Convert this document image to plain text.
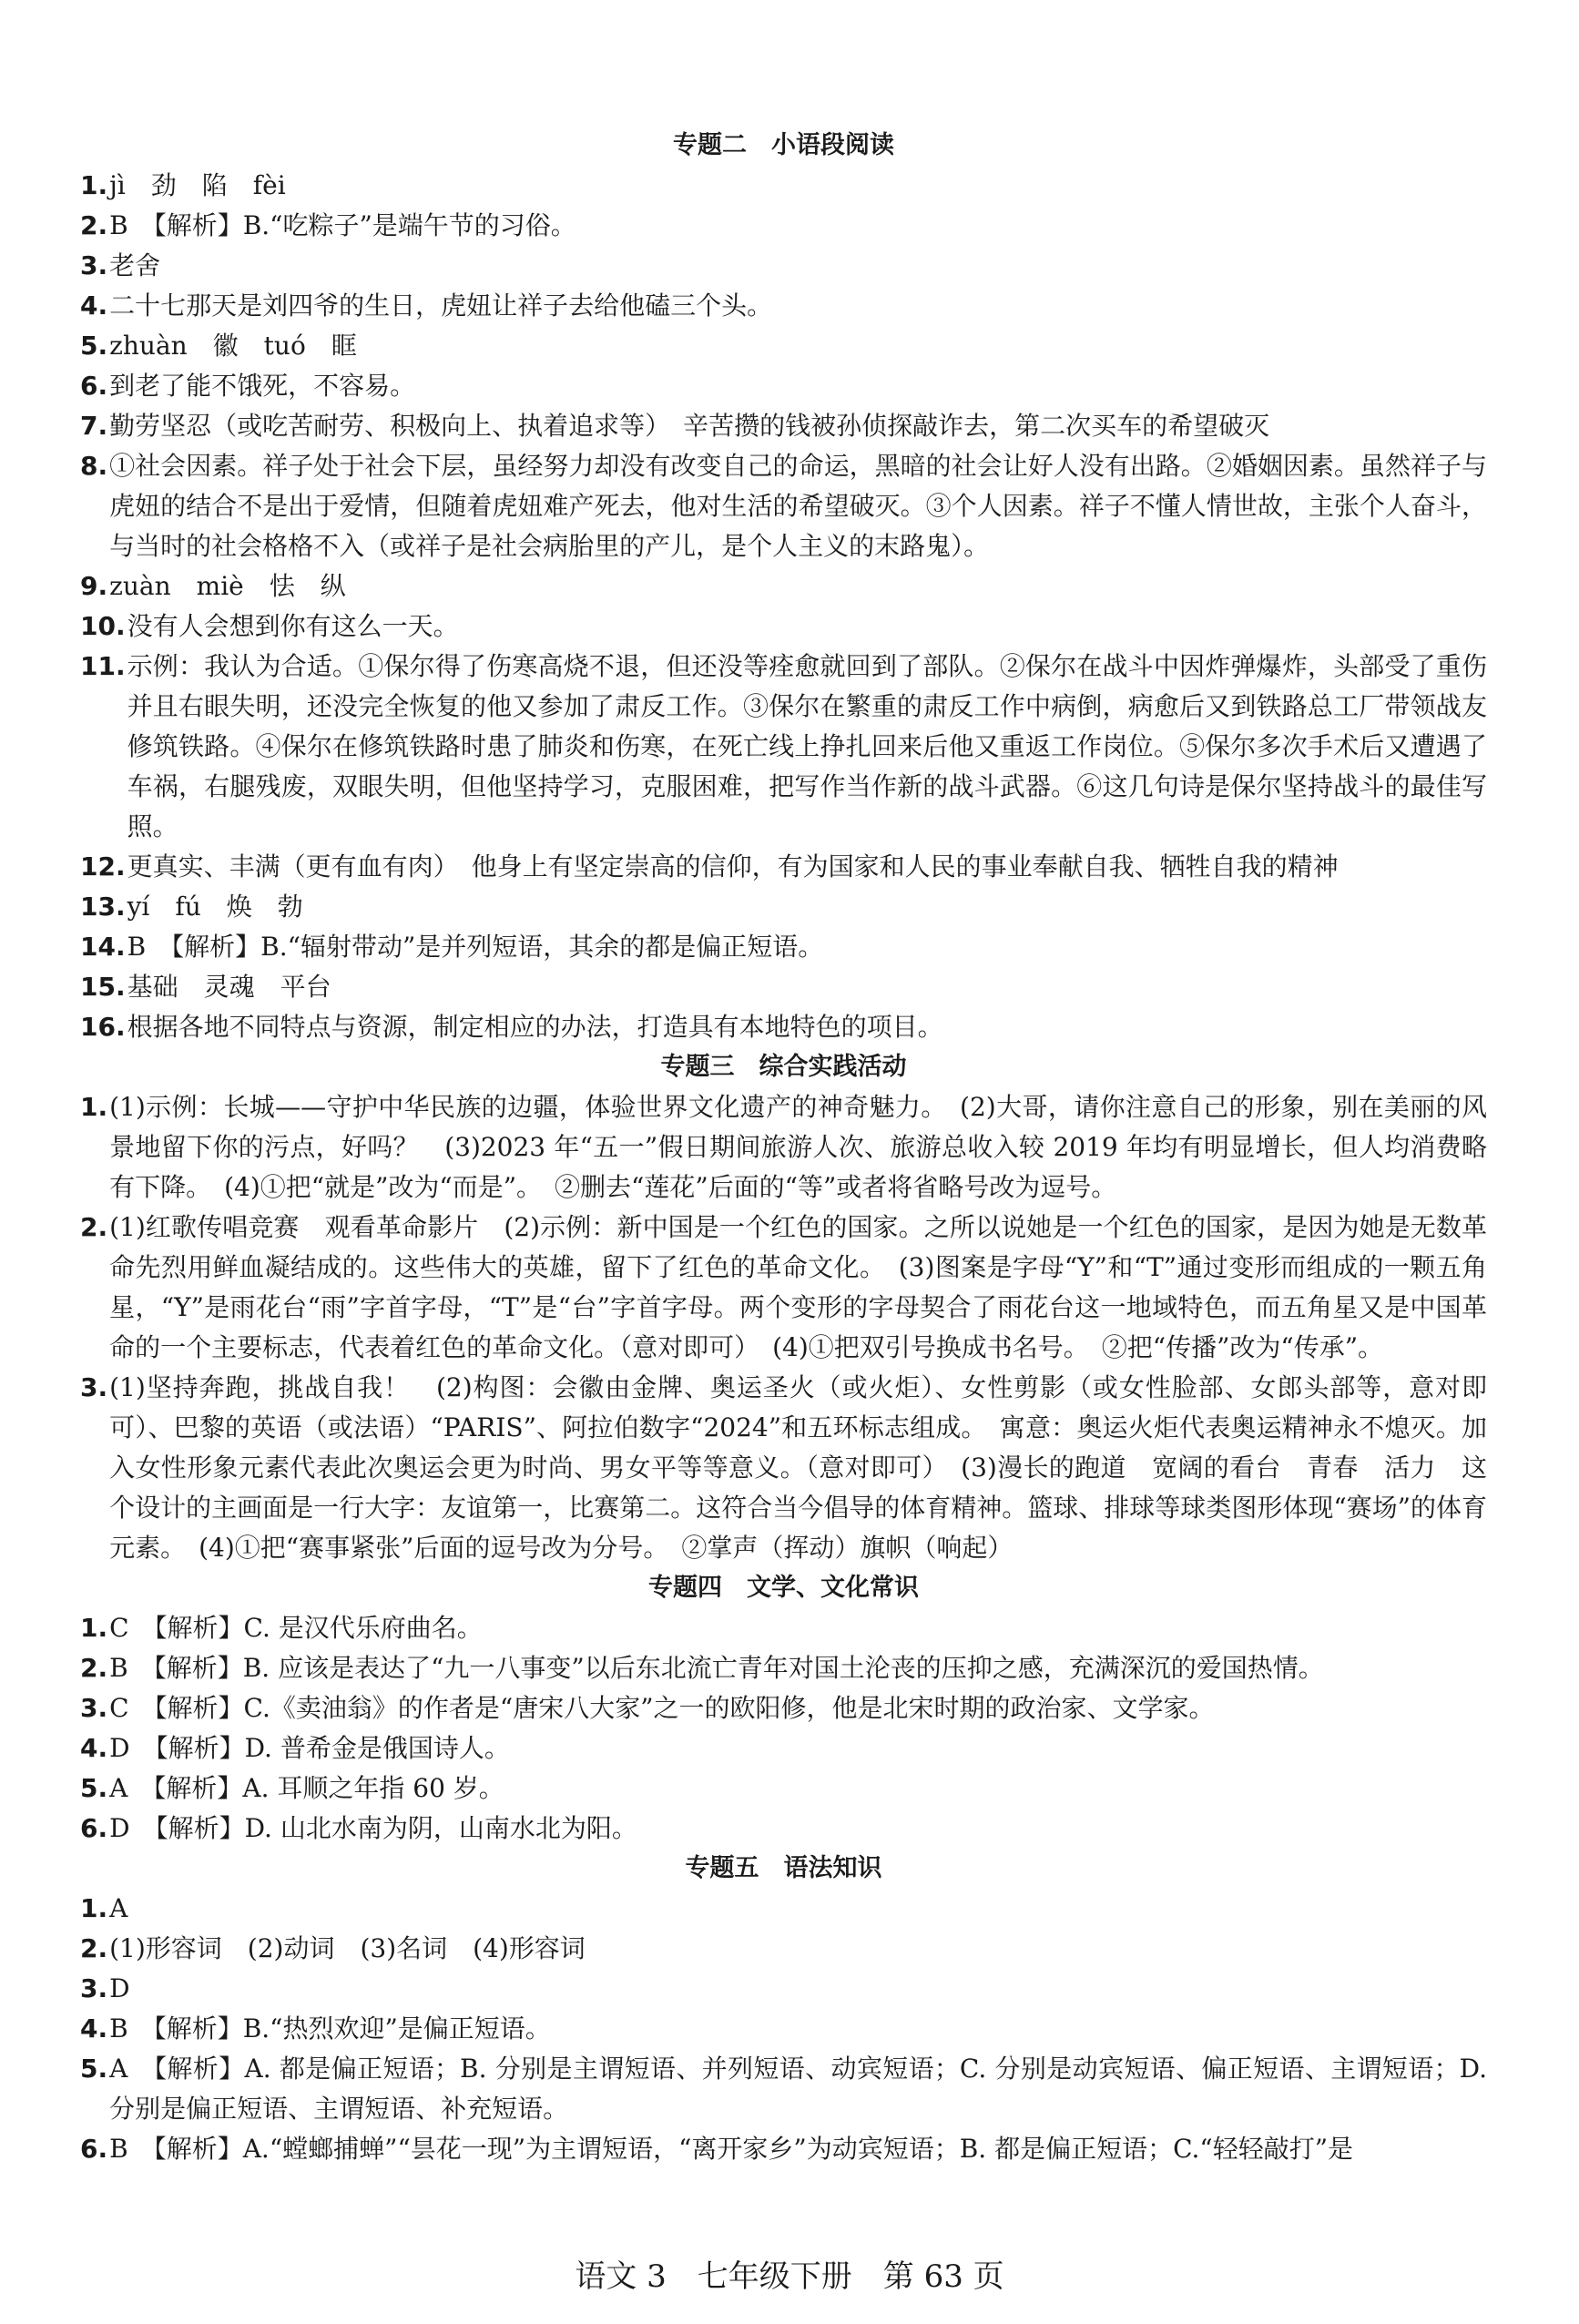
专题二　小语段阅读
1. jì　劲　陷　fèi
2. B　【解析】B.“吃粽子”是端午节的习俗。
3. 老舍
4. 二十七那天是刘四爷的生日，虎妞让祥子去给他磕三个头。
5. zhuàn　徽　tuó　眶
6. 到老了能不饿死，不容易。
7. 勤劳坚忍（或吃苦耐劳、积极向上、执着追求等）　辛苦攒的钱被孙侦探敲诈去，第二次买车的希望破灭
8. ①社会因素。祥子处于社会下层，虽经努力却没有改变自己的命运，黑暗的社会让好人没有出路。②婚姻因素。虽然祥子与虎妞的结合不是出于爱情，但随着虎妞难产死去，他对生活的希望破灭。③个人因素。祥子不懂人情世故，主张个人奋斗，与当时的社会格格不入（或祥子是社会病胎里的产儿，是个人主义的末路鬼）。
9. zuàn　miè　怯　纵
10. 没有人会想到你有这么一天。
11. 示例：我认为合适。①保尔得了伤寒高烧不退，但还没等痊愈就回到了部队。②保尔在战斗中因炸弹爆炸，头部受了重伤并且右眼失明，还没完全恢复的他又参加了肃反工作。③保尔在繁重的肃反工作中病倒，病愈后又到铁路总工厂带领战友修筑铁路。④保尔在修筑铁路时患了肺炎和伤寒，在死亡线上挣扎回来后他又重返工作岗位。⑤保尔多次手术后又遭遇了车祸，右腿残废，双眼失明，但他坚持学习，克服困难，把写作当作新的战斗武器。⑥这几句诗是保尔坚持战斗的最佳写照。
12. 更真实、丰满（更有血有肉）　他身上有坚定崇高的信仰，有为国家和人民的事业奉献自我、牺牲自我的精神
13. yí　fú　焕　勃
14. B　【解析】B.“辐射带动”是并列短语，其余的都是偏正短语。
15. 基础　灵魂　平台
16. 根据各地不同特点与资源，制定相应的办法，打造具有本地特色的项目。
专题三　综合实践活动
1. (1)示例：长城——守护中华民族的边疆，体验世界文化遗产的神奇魅力。　(2)大哥，请你注意自己的形象，别在美丽的风景地留下你的污点，好吗？　(3)2023 年“五一”假日期间旅游人次、旅游总收入较 2019 年均有明显增长，但人均消费略有下降。　(4)①把“就是”改为“而是”。　②删去“莲花”后面的“等”或者将省略号改为逗号。
2. (1)红歌传唱竞赛　观看革命影片　(2)示例：新中国是一个红色的国家。之所以说她是一个红色的国家，是因为她是无数革命先烈用鲜血凝结成的。这些伟大的英雄，留下了红色的革命文化。　(3)图案是字母“Y”和“T”通过变形而组成的一颗五角星，“Y”是雨花台“雨”字首字母，“T”是“台”字首字母。两个变形的字母契合了雨花台这一地域特色，而五角星又是中国革命的一个主要标志，代表着红色的革命文化。（意对即可）　(4)①把双引号换成书名号。　②把“传播”改为“传承”。
3. (1)坚持奔跑，挑战自我！　(2)构图：会徽由金牌、奥运圣火（或火炬）、女性剪影（或女性脸部、女郎头部等，意对即可）、巴黎的英语（或法语）“PARIS”、阿拉伯数字“2024”和五环标志组成。　寓意：奥运火炬代表奥运精神永不熄灭。加入女性形象元素代表此次奥运会更为时尚、男女平等等意义。（意对即可）　(3)漫长的跑道　宽阔的看台　青春　活力　这个设计的主画面是一行大字：友谊第一，比赛第二。这符合当今倡导的体育精神。篮球、排球等球类图形体现“赛场”的体育元素。　(4)①把“赛事紧张”后面的逗号改为分号。　②掌声（挥动）旗帜（响起）
专题四　文学、文化常识
1. C　【解析】C. 是汉代乐府曲名。
2. B　【解析】B. 应该是表达了“九一八事变”以后东北流亡青年对国土沦丧的压抑之感，充满深沉的爱国热情。
3. C　【解析】C.《卖油翁》的作者是“唐宋八大家”之一的欧阳修，他是北宋时期的政治家、文学家。
4. D　【解析】D. 普希金是俄国诗人。
5. A　【解析】A. 耳顺之年指 60 岁。
6. D　【解析】D. 山北水南为阴，山南水北为阳。
专题五　语法知识
1. A
2. (1)形容词　(2)动词　(3)名词　(4)形容词
3. D
4. B　【解析】B.“热烈欢迎”是偏正短语。
5. A　【解析】A. 都是偏正短语；B. 分别是主谓短语、并列短语、动宾短语；C. 分别是动宾短语、偏正短语、主谓短语；D. 分别是偏正短语、主谓短语、补充短语。
6. B　【解析】A.“螳螂捕蝉”“昙花一现”为主谓短语，“离开家乡”为动宾短语；B. 都是偏正短语；C.“轻轻敲打”是
语文 3　七年级下册　第 63 页
